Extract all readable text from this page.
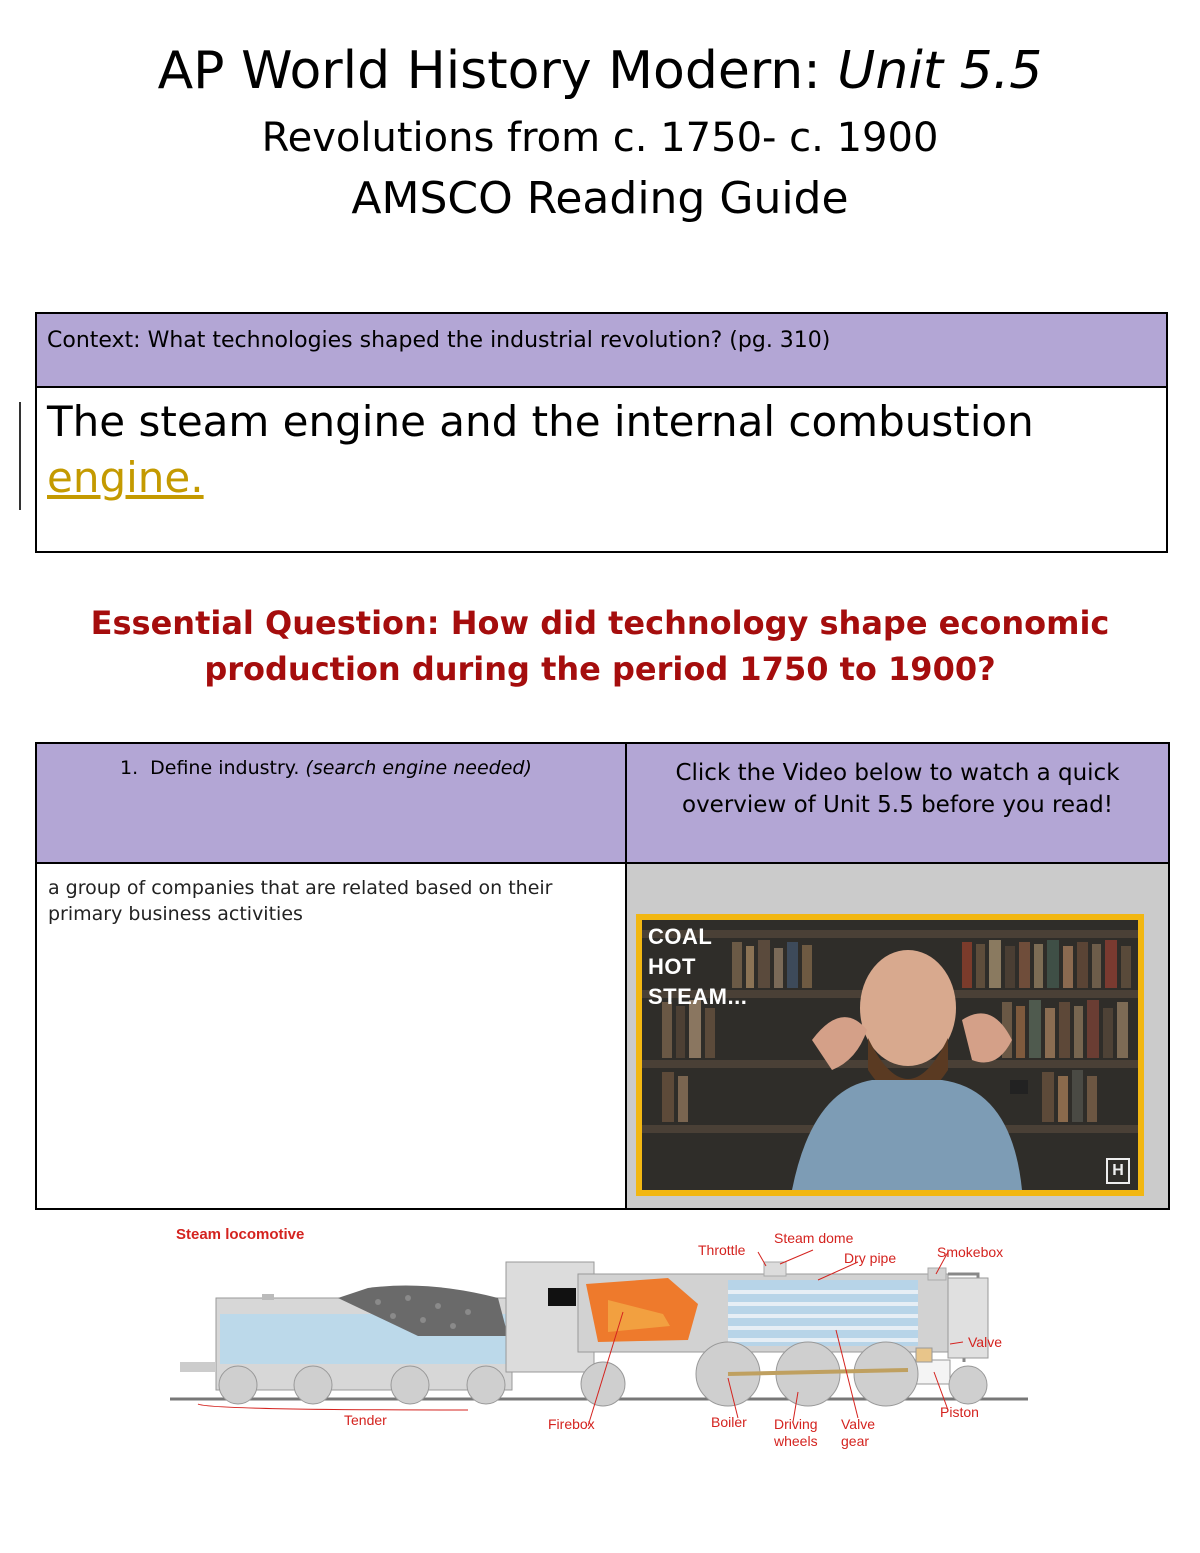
AP World History Modern: Unit 5.5
Revolutions from c. 1750- c. 1900
AMSCO Reading Guide
Context: What technologies shaped the industrial revolution? (pg. 310)
The steam engine and the internal combustion engine.
Essential Question: How did technology shape economic
production during the period 1750 to 1900?
1. Define industry. (search engine needed)	Click the Video below to watch a quick overview of Unit 5.5 before you read!

a group of companies that are related based on their primary business activities	COAL
HOT
STEAM...
H
Steam locomotive
Throttle
Steam dome
Dry pipe	Smokebox
Valve
Piston
Tender	Firebox	Boiler Driving
wheels
Valve
gear
